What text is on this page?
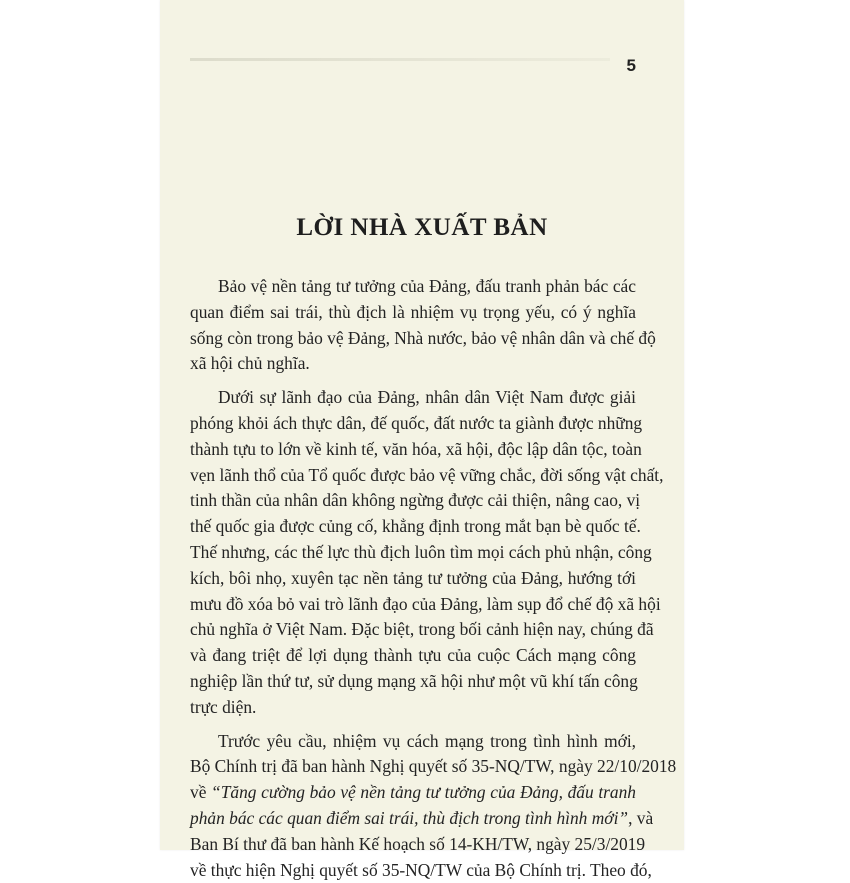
5
LỜI NHÀ XUẤT BẢN
Bảo vệ nền tảng tư tưởng của Đảng, đấu tranh phản bác các
quan điểm sai trái, thù địch là nhiệm vụ trọng yếu, có ý nghĩa
sống còn trong bảo vệ Đảng, Nhà nước, bảo vệ nhân dân và chế độ
xã hội chủ nghĩa.
Dưới sự lãnh đạo của Đảng, nhân dân Việt Nam được giải
phóng khỏi ách thực dân, đế quốc, đất nước ta giành được những
thành tựu to lớn về kinh tế, văn hóa, xã hội, độc lập dân tộc, toàn
vẹn lãnh thổ của Tổ quốc được bảo vệ vững chắc, đời sống vật chất,
tinh thần của nhân dân không ngừng được cải thiện, nâng cao, vị
thế quốc gia được củng cố, khẳng định trong mắt bạn bè quốc tế.
Thế nhưng, các thế lực thù địch luôn tìm mọi cách phủ nhận, công
kích, bôi nhọ, xuyên tạc nền tảng tư tưởng của Đảng, hướng tới
mưu đồ xóa bỏ vai trò lãnh đạo của Đảng, làm sụp đổ chế độ xã hội
chủ nghĩa ở Việt Nam. Đặc biệt, trong bối cảnh hiện nay, chúng đã
và đang triệt để lợi dụng thành tựu của cuộc Cách mạng công
nghiệp lần thứ tư, sử dụng mạng xã hội như một vũ khí tấn công
trực diện.
Trước yêu cầu, nhiệm vụ cách mạng trong tình hình mới,
Bộ Chính trị đã ban hành Nghị quyết số 35-NQ/TW, ngày 22/10/2018
về “Tăng cường bảo vệ nền tảng tư tưởng của Đảng, đấu tranh
phản bác các quan điểm sai trái, thù địch trong tình hình mới”, và
Ban Bí thư đã ban hành Kế hoạch số 14-KH/TW, ngày 25/3/2019
về thực hiện Nghị quyết số 35-NQ/TW của Bộ Chính trị. Theo đó,
